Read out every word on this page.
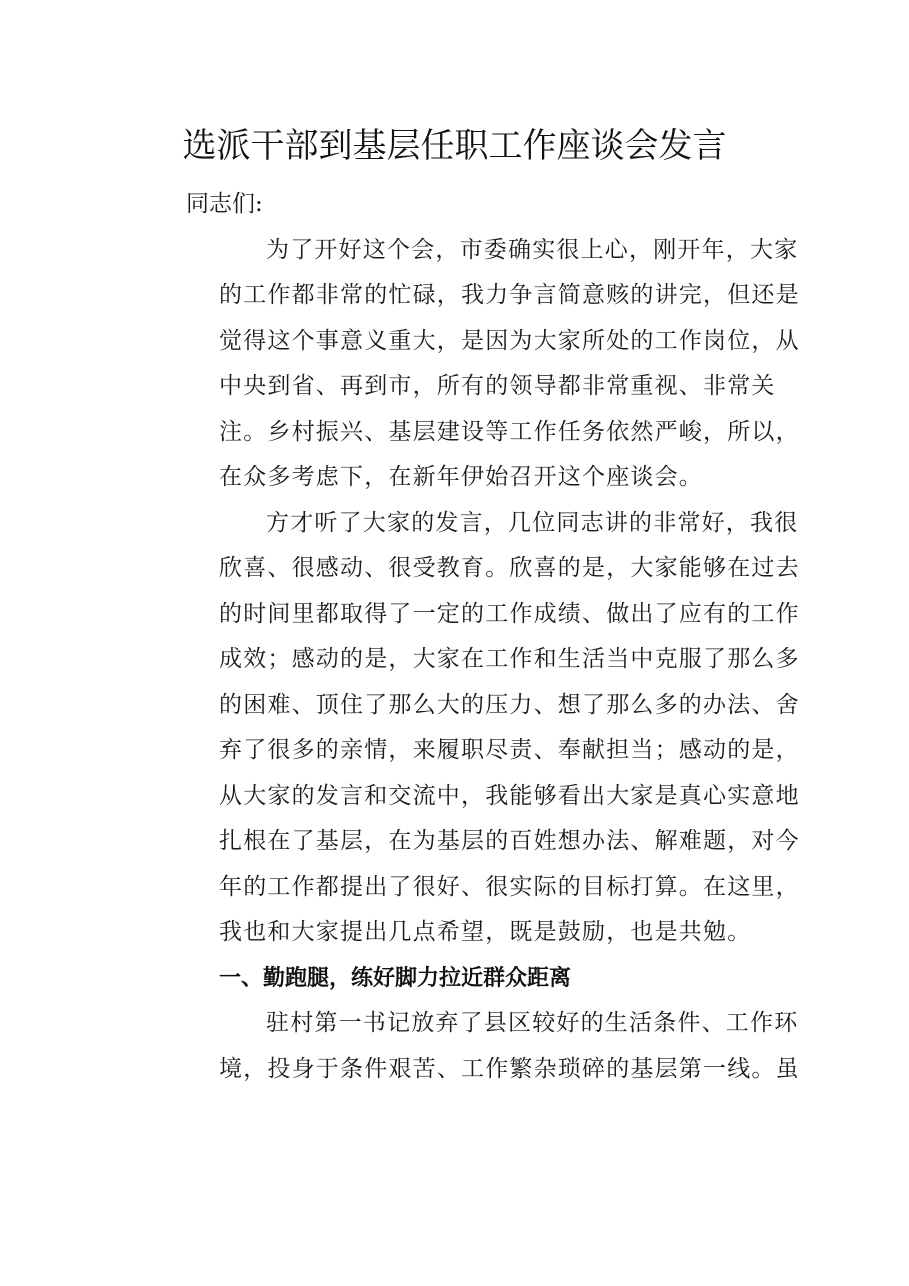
选派干部到基层任职工作座谈会发言

同志们:

为了开好这个会，市委确实很上心，刚开年，大家
的工作都非常的忙碌，我力争言简意赅的讲完，但还是
觉得这个事意义重大，是因为大家所处的工作岗位，从
中央到省、再到市，所有的领导都非常重视、非常关
注。乡村振兴、基层建设等工作任务依然严峻，所以，
在众多考虑下，在新年伊始召开这个座谈会。
方才听了大家的发言，几位同志讲的非常好，我很
欣喜、很感动、很受教育。欣喜的是，大家能够在过去
的时间里都取得了一定的工作成绩、做出了应有的工作
成效；感动的是，大家在工作和生活当中克服了那么多
的困难、顶住了那么大的压力、想了那么多的办法、舍
弃了很多的亲情，来履职尽责、奉献担当；感动的是，
从大家的发言和交流中，我能够看出大家是真心实意地
扎根在了基层，在为基层的百姓想办法、解难题，对今
年的工作都提出了很好、很实际的目标打算。在这里，
我也和大家提出几点希望，既是鼓励，也是共勉。

一、勤跑腿，练好脚力拉近群众距离

驻村第一书记放弃了县区较好的生活条件、工作环
境，投身于条件艰苦、工作繁杂琐碎的基层第一线。虽
